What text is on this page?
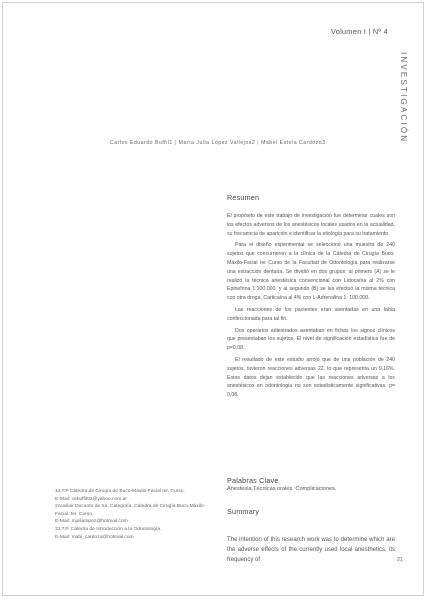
Volumen I | Nº 4
INVESTIGACIÓN
Carlos Eduardo Buffil1 | María Julia López Vallejos2 | Mabel Estela Cardozo3
Resumen

El propósito de este trabajo de investigación fue determinar cuales son los efectos adversos de los anestésicos locales usados en la actualidad, su frecuencia de aparición e identificar la etiología para su tratamiento.

Para el diseño experimental se seleccionó una muestra de 240 sujetos que concurrieron a la clínica de la Cátedra de Cirugía Buco-Máxilo-Facial Ier Curso de la Facultad de Odontología para realizarse una extracción dentaria. Se dividió en dos grupos: al primero (A) se le realizó la técnica anestésica convencional con Lidocaína al 2% con Epinefrina 1:100.000, y al segundo (B) se les efectuó la misma técnica con otra droga, Carticaína al 4% con L-Adrenalina 1: 100.000.

Las reacciones de los pacientes eran asentadas en una tabla confeccionada para tal fin.

Dos operarios adiestrados asentaban en fichas los signos clínicos que presentaban los sujetos. El nivel de significación estadística fue de p=0,08.

El resultado de este estudio arrojó que de una población de 240 sujetos, tuvieron reacciones adversas 22, lo que representa un 9,16%. Estos datos dejan establecido que las reacciones adversas a los anestésicos en odontología no son estadísticamente significativas. p= 0,08.

Palabras Clave
Anestesia.Técnicas orales. Complicaciones.
Summary
The intention of this research work was to determine which are the adverse effects of the currently used local anesthetics, its frequency of
1J.T.P Cátedra de Cirugía de Buco-Máxilo-Facial Ier. Curso.
E-Mail: cebuffil02@yahoo.com.ar
2Auxiliar Docente de Ira. Categoría. Cátedra de Cirugía Buco-Máxilo-Facial. Ier. Curso.
E-Mail: mjuliatopez@hotmail.com
3J.T.P. Cátedra de Introducción a la Odontología.
E-Mail: mabi_cardozo@hotmail.com
21
